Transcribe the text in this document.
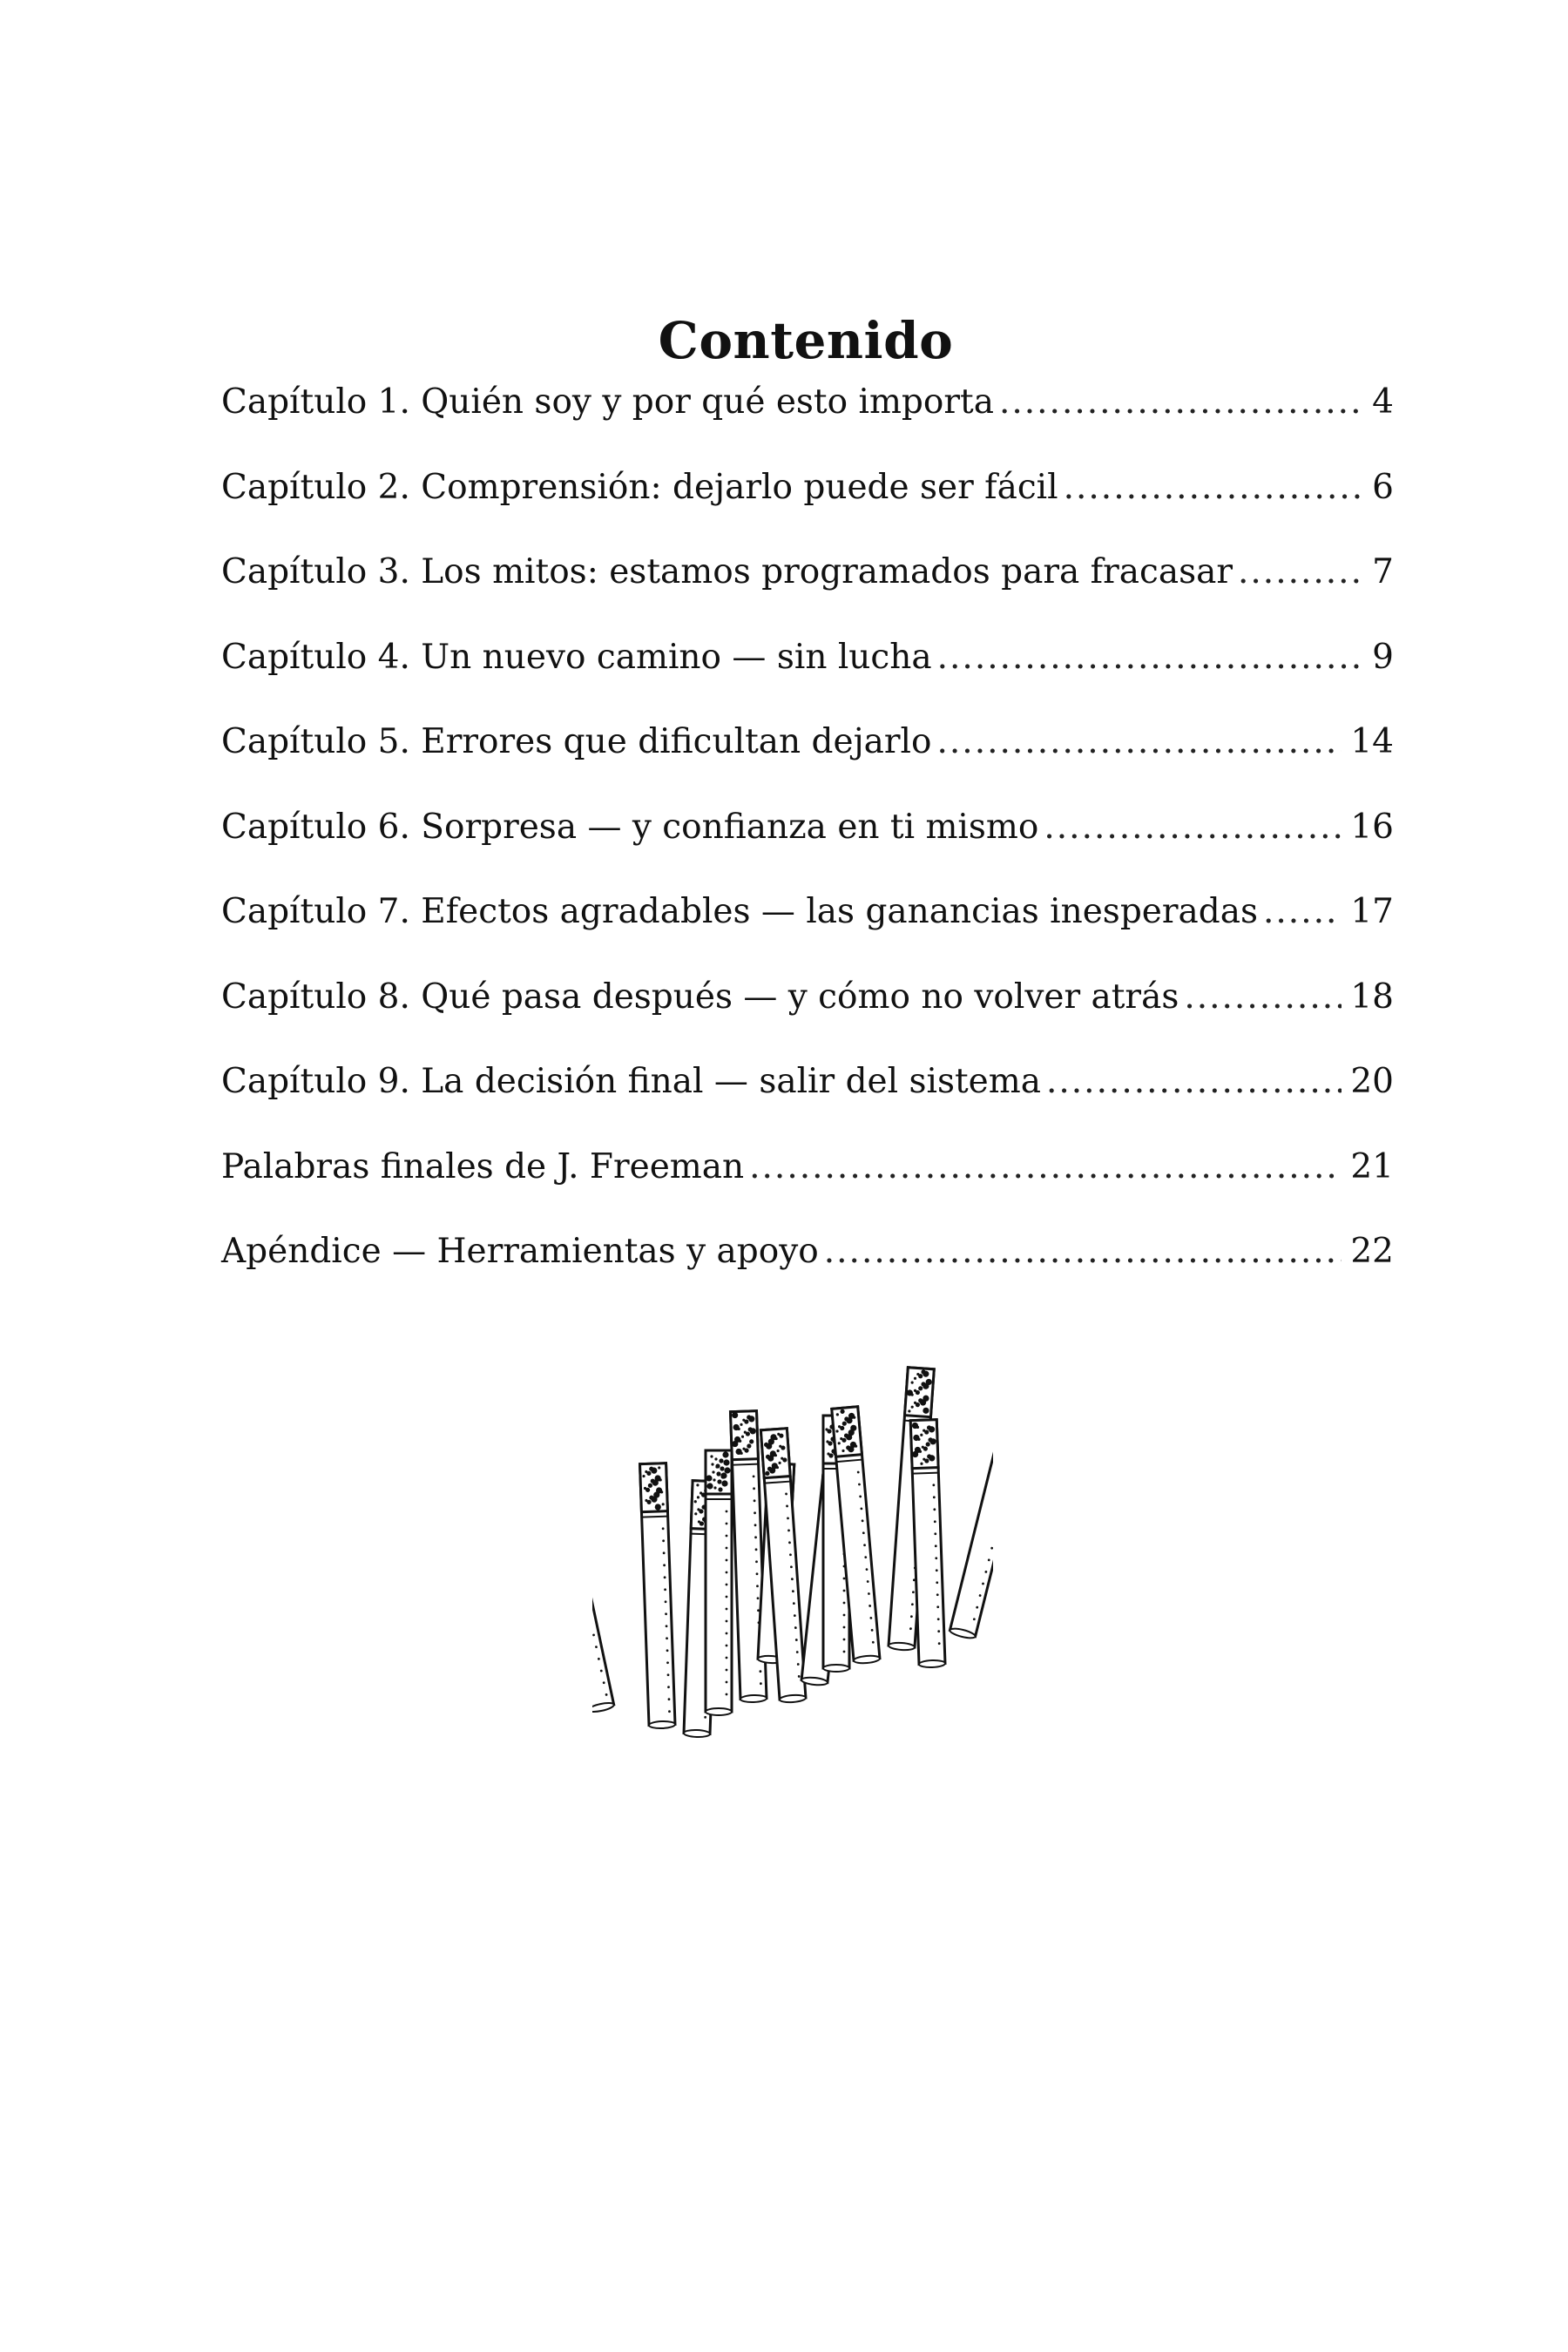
Contenido
Capítulo 1. Quién soy y por qué esto importa .....	4
Capítulo 2. Comprensión: dejarlo puede ser fácil .....	6
Capítulo 3. Los mitos: estamos programados para fracasar .....	7
Capítulo 4. Un nuevo camino — sin lucha .....	9
Capítulo 5. Errores que dificultan dejarlo .....	14
Capítulo 6. Sorpresa — y confianza en ti mismo .....	16
Capítulo 7. Efectos agradables — las ganancias inesperadas .....	17
Capítulo 8. Qué pasa después — y cómo no volver atrás .....	18
Capítulo 9. La decisión final — salir del sistema .....	20
Palabras finales de J. Freeman .....	21
Apéndice — Herramientas y apoyo .....	22
